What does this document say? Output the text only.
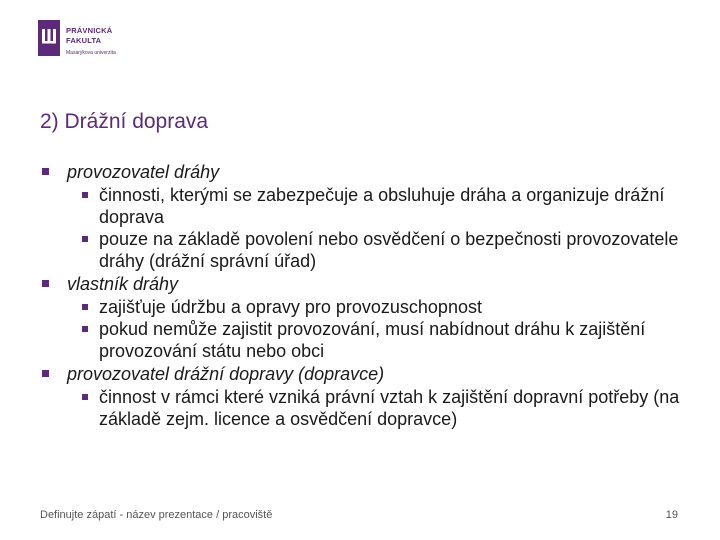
PRÁVNICKÁ
FAKULTA
Masarykova univerzita
2) Drážní doprava

provozovatel dráhy

činnosti, kterými se zabezpečuje a obsluhuje dráha a organizuje drážní doprava

pouze na základě povolení nebo osvědčení o bezpečnosti provozovatele dráhy (drážní správní úřad)

vlastník dráhy

zajišťuje údržbu a opravy pro provozuschopnost

pokud nemůže zajistit provozování, musí nabídnout dráhu k zajištění provozování státu nebo obci

provozovatel drážní dopravy (dopravce)

činnost v rámci které vzniká právní vztah k zajištění dopravní potřeby (na základě zejm. licence a osvědčení dopravce)

Definujte zápatí - název prezentace / pracoviště	19
